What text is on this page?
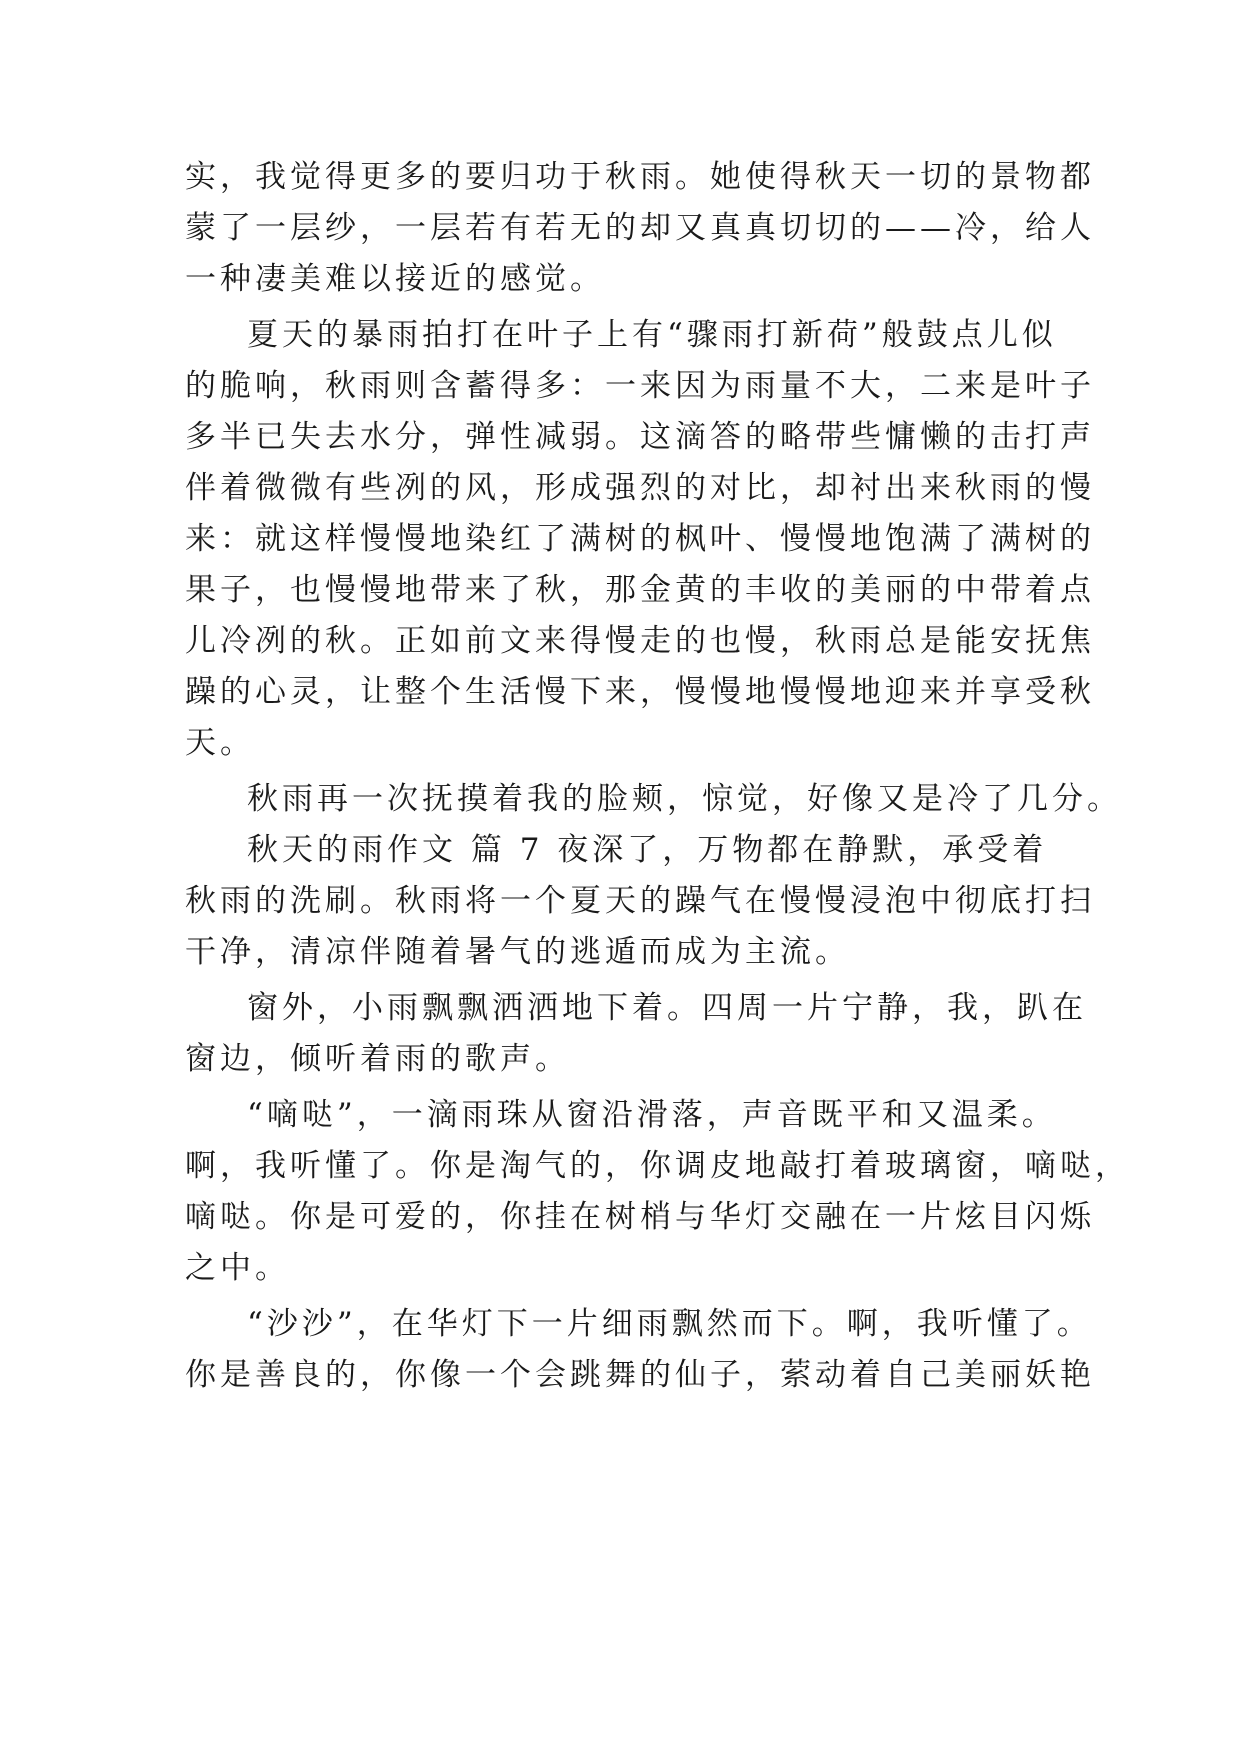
实，我觉得更多的要归功于秋雨。她使得秋天一切的景物都
蒙了一层纱，一层若有若无的却又真真切切的——冷，给人
一种凄美难以接近的感觉。
夏天的暴雨拍打在叶子上有“骤雨打新荷”般鼓点儿似
的脆响，秋雨则含蓄得多：一来因为雨量不大，二来是叶子
多半已失去水分，弹性减弱。这滴答的略带些慵懒的击打声
伴着微微有些冽的风，形成强烈的对比，却衬出来秋雨的慢
来：就这样慢慢地染红了满树的枫叶、慢慢地饱满了满树的
果子，也慢慢地带来了秋，那金黄的丰收的美丽的中带着点
儿冷冽的秋。正如前文来得慢走的也慢，秋雨总是能安抚焦
躁的心灵，让整个生活慢下来，慢慢地慢慢地迎来并享受秋
天。
秋雨再一次抚摸着我的脸颊，惊觉，好像又是冷了几分。
秋天的雨作文 篇 7 夜深了，万物都在静默，承受着
秋雨的洗刷。秋雨将一个夏天的躁气在慢慢浸泡中彻底打扫
干净，清凉伴随着暑气的逃遁而成为主流。
窗外，小雨飘飘洒洒地下着。四周一片宁静，我，趴在
窗边，倾听着雨的歌声。
“嘀哒”，一滴雨珠从窗沿滑落，声音既平和又温柔。
啊，我听懂了。你是淘气的，你调皮地敲打着玻璃窗，嘀哒，
嘀哒。你是可爱的，你挂在树梢与华灯交融在一片炫目闪烁
之中。
“沙沙”，在华灯下一片细雨飘然而下。啊，我听懂了。
你是善良的，你像一个会跳舞的仙子，萦动着自己美丽妖艳
